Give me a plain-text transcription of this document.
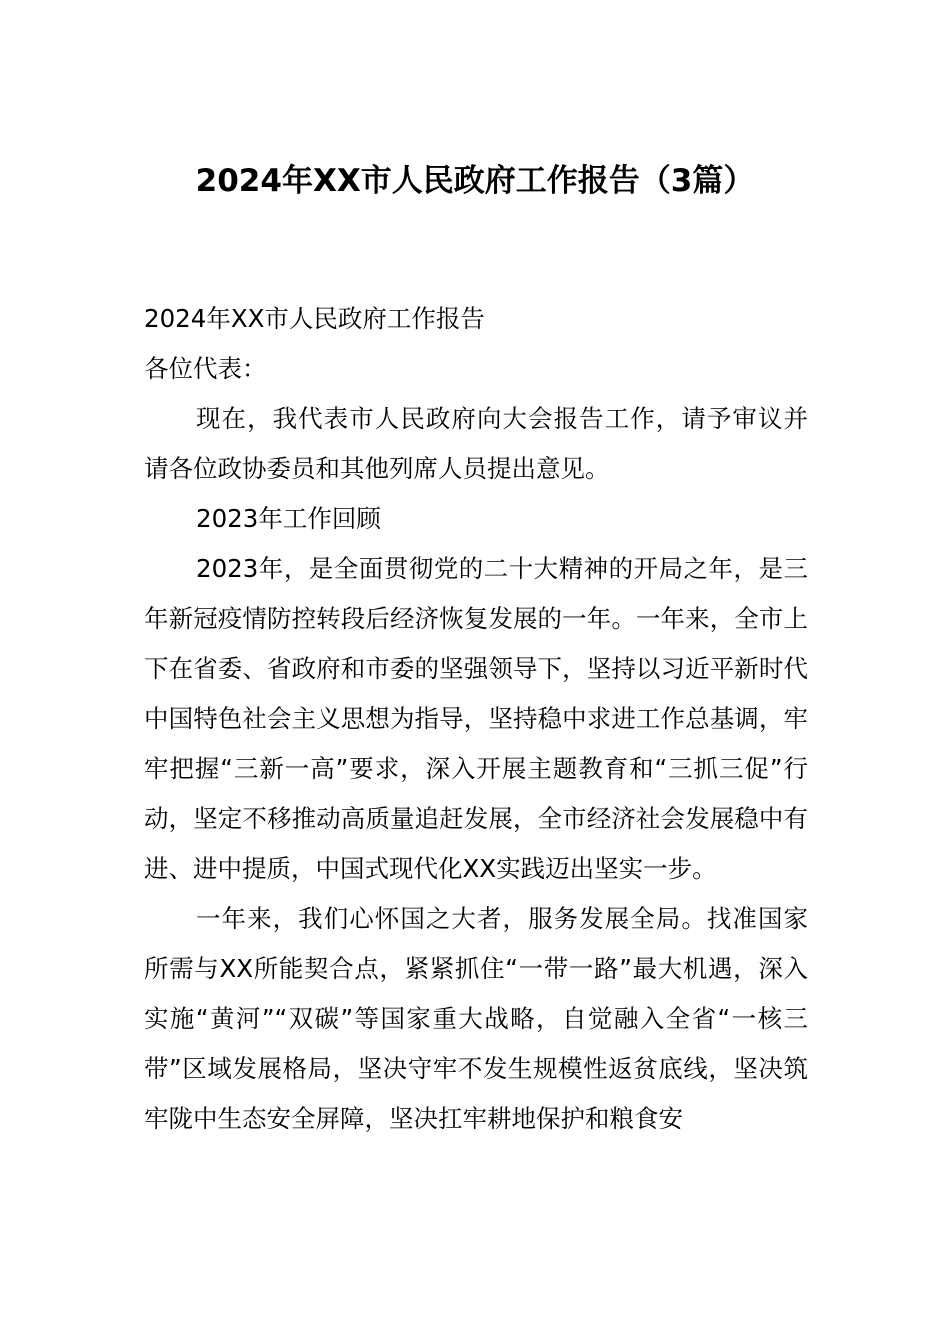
2024年XX市人民政府工作报告（3篇）

2024年XX市人民政府工作报告

各位代表：

现在，我代表市人民政府向大会报告工作，请予审议并请各位政协委员和其他列席人员提出意见。

2023年工作回顾

2023年，是全面贯彻党的二十大精神的开局之年，是三年新冠疫情防控转段后经济恢复发展的一年。一年来，全市上下在省委、省政府和市委的坚强领导下，坚持以习近平新时代中国特色社会主义思想为指导，坚持稳中求进工作总基调，牢牢把握“三新一高”要求，深入开展主题教育和“三抓三促”行动，坚定不移推动高质量追赶发展，全市经济社会发展稳中有进、进中提质，中国式现代化XX实践迈出坚实一步。

一年来，我们心怀国之大者，服务发展全局。找准国家所需与XX所能契合点，紧紧抓住“一带一路”最大机遇，深入实施“黄河”“双碳”等国家重大战略，自觉融入全省“一核三带”区域发展格局，坚决守牢不发生规模性返贫底线，坚决筑牢陇中生态安全屏障，坚决扛牢耕地保护和粮食安
